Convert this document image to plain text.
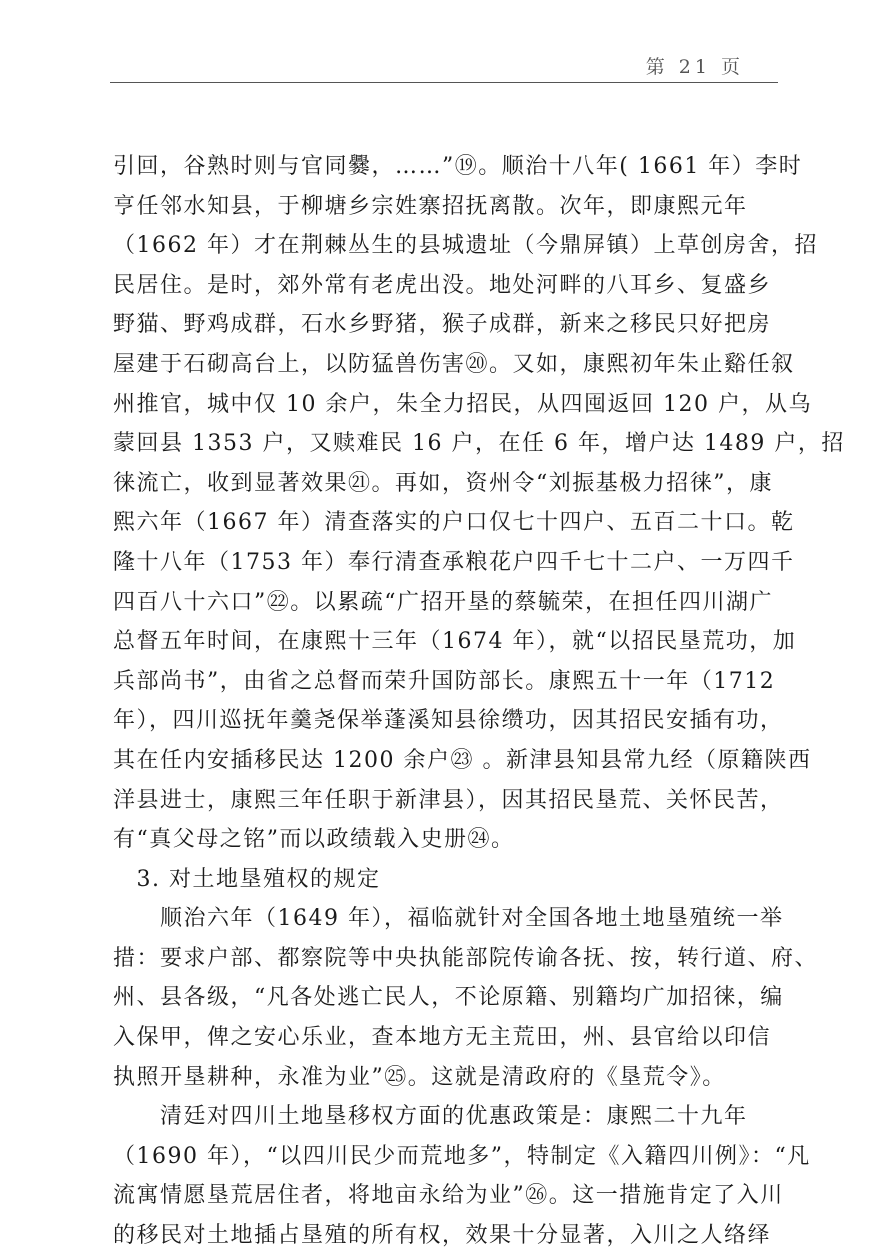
第 21 页
引回，谷熟时则与官同爨，……”⑲。顺治十八年( 1661 年）李时
亨任邻水知县，于柳塘乡宗姓寨招抚离散。次年，即康熙元年
（1662 年）才在荆棘丛生的县城遗址（今鼎屏镇）上草创房舍，招
民居住。是时，郊外常有老虎出没。地处河畔的八耳乡、复盛乡
野猫、野鸡成群，石水乡野猪，猴子成群，新来之移民只好把房
屋建于石砌高台上，以防猛兽伤害⑳。又如，康熙初年朱止谿任叙
州推官，城中仅 10 余户，朱全力招民，从四囤返回 120 户，从乌
蒙回县 1353 户，又赎难民 16 户，在任 6 年，增户达 1489 户，招
徕流亡，收到显著效果㉑。再如，资州令“刘振基极力招徕”，康
熙六年（1667 年）清查落实的户口仅七十四户、五百二十口。乾
隆十八年（1753 年）奉行清查承粮花户四千七十二户、一万四千
四百八十六口”㉒。以累疏“广招开垦的蔡毓荣，在担任四川湖广
总督五年时间，在康熙十三年（1674 年），就“以招民垦荒功，加
兵部尚书”，由省之总督而荣升国防部长。康熙五十一年（1712
年），四川巡抚年羹尧保举蓬溪知县徐缵功，因其招民安插有功，
其在任内安插移民达 1200 余户㉓ 。新津县知县常九经（原籍陕西
洋县进士，康熙三年任职于新津县），因其招民垦荒、关怀民苦，
有“真父母之铭”而以政绩载入史册㉔。
　3. 对土地垦殖权的规定
　　顺治六年（1649 年），福临就针对全国各地土地垦殖统一举
措：要求户部、都察院等中央执能部院传谕各抚、按，转行道、府、
州、县各级，“凡各处逃亡民人，不论原籍、别籍均广加招徕，编
入保甲，俾之安心乐业，查本地方无主荒田，州、县官给以印信
执照开垦耕种，永准为业”㉕。这就是清政府的《垦荒令》。
　　清廷对四川土地垦移权方面的优惠政策是：康熙二十九年
（1690 年），“以四川民少而荒地多”，特制定《入籍四川例》：“凡
流寓情愿垦荒居住者，将地亩永给为业”㉖。这一措施肯定了入川
的移民对土地插占垦殖的所有权，效果十分显著，入川之人络绎
